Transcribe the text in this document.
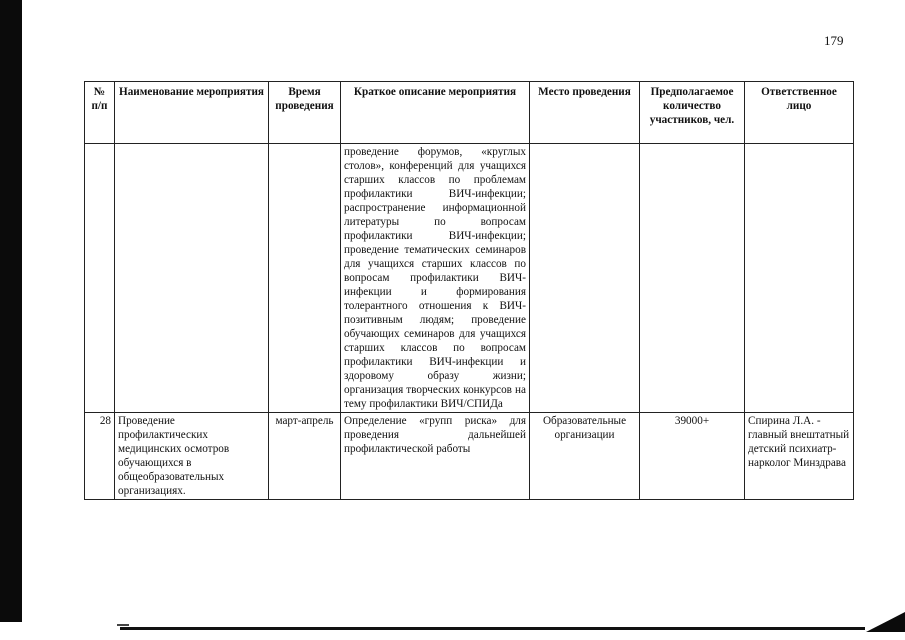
179
№ п/п	Наименование мероприятия	Время проведения	Краткое описание мероприятия	Место проведения	Предполагаемое количество участников, чел.	Ответственное лицо
			проведение форумов, «круглых столов», конференций для учащихся старших классов по проблемам профилактики ВИЧ-инфекции; распространение информационной литературы по вопросам профилактики ВИЧ-инфекции; проведение тематических семинаров для учащихся старших классов по вопросам профилактики ВИЧ-инфекции и формирования толерантного отношения к ВИЧ-позитивным людям; проведение обучающих семинаров для учащихся старших классов по вопросам профилактики ВИЧ-инфекции и здоровому образу жизни; организация творческих конкурсов на тему профилактики ВИЧ/СПИДа			
28	Проведение профилактических медицинских осмотров обучающихся в общеобразовательных организациях.	март-апрель	Определение «групп риска» для проведения дальнейшей профилактической работы	Образовательные организации	39000+	Спирина Л.А. - главный внештатный детский психиатр-нарколог Минздрава
